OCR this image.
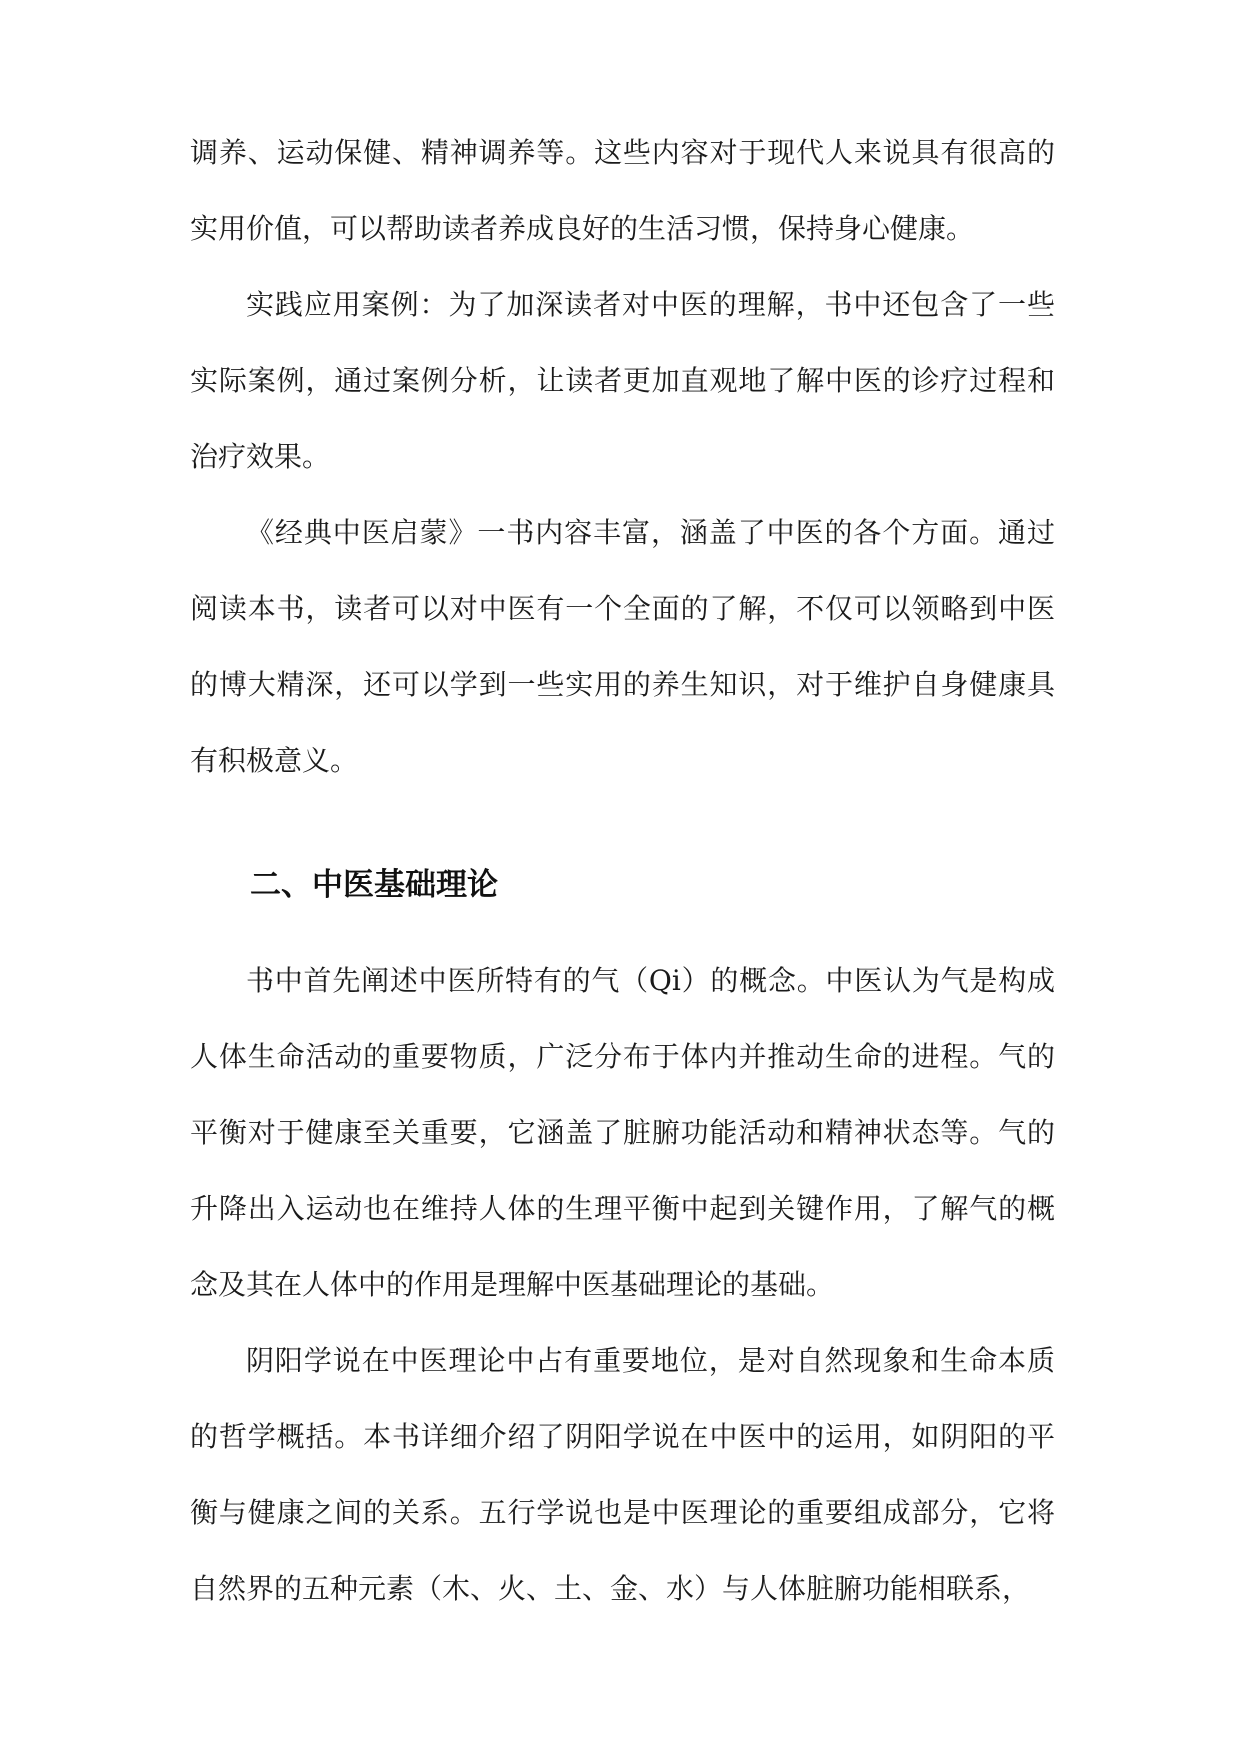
调养、运动保健、精神调养等。这些内容对于现代人来说具有很高的实用价值，可以帮助读者养成良好的生活习惯，保持身心健康。

实践应用案例：为了加深读者对中医的理解，书中还包含了一些实际案例，通过案例分析，让读者更加直观地了解中医的诊疗过程和治疗效果。

《经典中医启蒙》一书内容丰富，涵盖了中医的各个方面。通过阅读本书，读者可以对中医有一个全面的了解，不仅可以领略到中医的博大精深，还可以学到一些实用的养生知识，对于维护自身健康具有积极意义。

二、中医基础理论

书中首先阐述中医所特有的气（Qi）的概念。中医认为气是构成人体生命活动的重要物质，广泛分布于体内并推动生命的进程。气的平衡对于健康至关重要，它涵盖了脏腑功能活动和精神状态等。气的升降出入运动也在维持人体的生理平衡中起到关键作用，了解气的概念及其在人体中的作用是理解中医基础理论的基础。

阴阳学说在中医理论中占有重要地位，是对自然现象和生命本质的哲学概括。本书详细介绍了阴阳学说在中医中的运用，如阴阳的平衡与健康之间的关系。五行学说也是中医理论的重要组成部分，它将自然界的五种元素（木、火、土、金、水）与人体脏腑功能相联系，
